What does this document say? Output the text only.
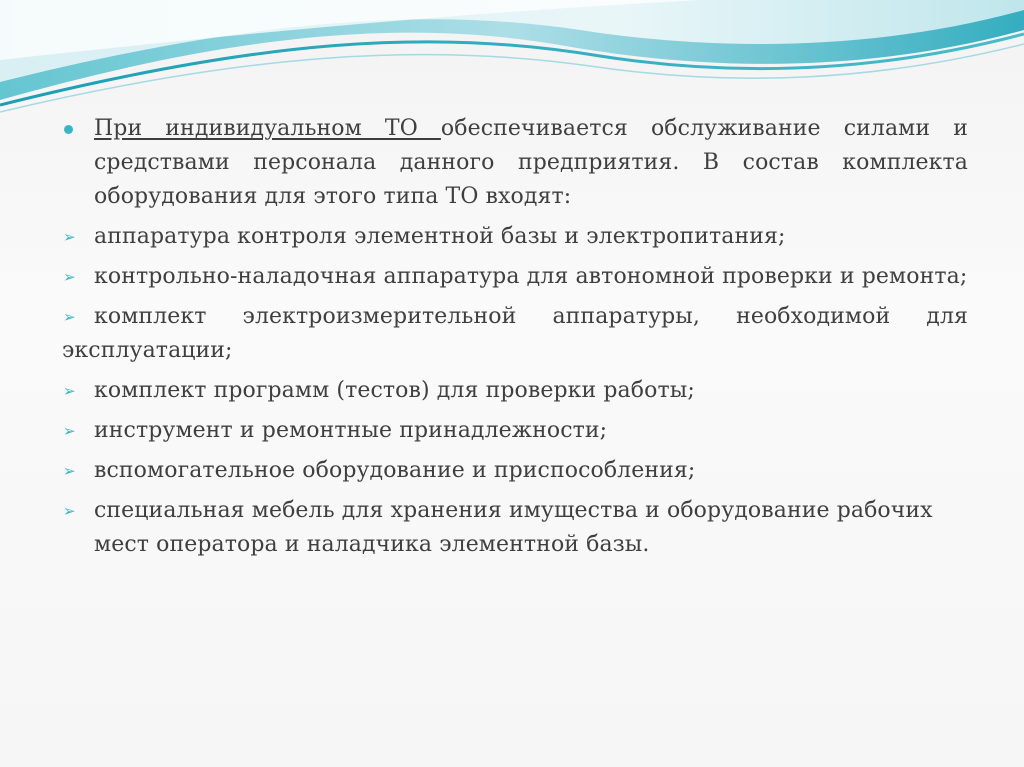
При индивидуальном ТО обеспечивается обслуживание силами и средствами персонала данного предприятия. В состав комплекта оборудования для этого типа ТО входят:
➢ аппаратура контроля элементной базы и электропитания;
➢ контрольно-наладочная аппаратура для автономной проверки и ремонта;
➢ комплект электроизмерительной аппаратуры, необходимой для
эксплуатации;
➢ комплект программ (тестов) для проверки работы;
➢ инструмент и ремонтные принадлежности;
➢ вспомогательное оборудование и приспособления;
➢ специальная мебель для хранения имущества и оборудование рабочих мест оператора и наладчика элементной базы.
